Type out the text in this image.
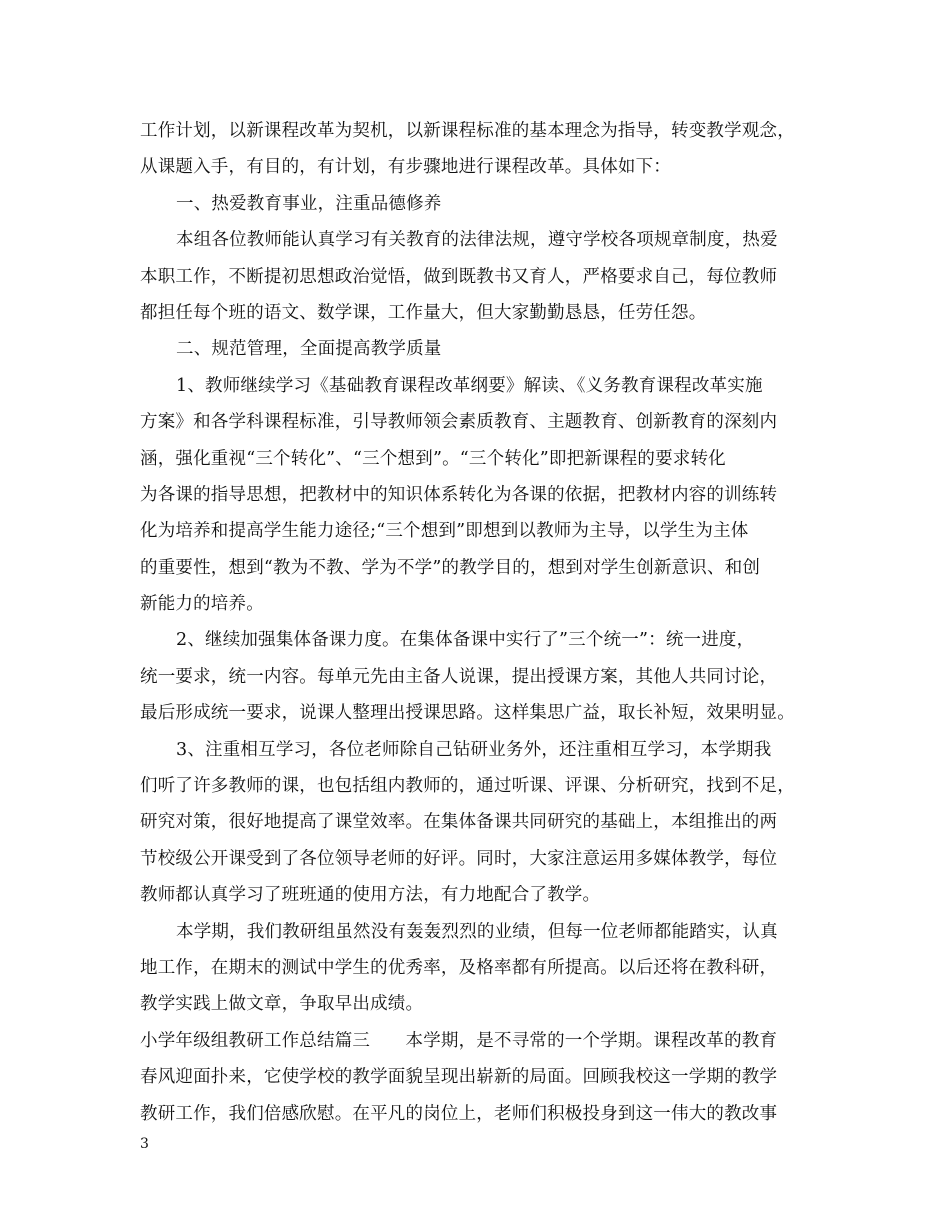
工作计划，以新课程改革为契机，以新课程标准的基本理念为指导，转变教学观念，
从课题入手，有目的，有计划，有步骤地进行课程改革。具体如下：
一、热爱教育事业，注重品德修养
本组各位教师能认真学习有关教育的法律法规，遵守学校各项规章制度，热爱
本职工作，不断提初思想政治觉悟，做到既教书又育人，严格要求自己，每位教师
都担任每个班的语文、数学课，工作量大，但大家勤勤恳恳，任劳任怨。
二、规范管理，全面提高教学质量
1、教师继续学习《基础教育课程改革纲要》解读、《义务教育课程改革实施
方案》和各学科课程标准，引导教师领会素质教育、主题教育、创新教育的深刻内
涵，强化重视“三个转化”、“三个想到”。“三个转化”即把新课程的要求转化
为各课的指导思想，把教材中的知识体系转化为各课的依据，把教材内容的训练转
化为培养和提高学生能力途径;“三个想到”即想到以教师为主导，以学生为主体
的重要性，想到“教为不教、学为不学”的教学目的，想到对学生创新意识、和创
新能力的培养。
2、继续加强集体备课力度。在集体备课中实行了”三个统一”：统一进度，
统一要求，统一内容。每单元先由主备人说课，提出授课方案，其他人共同讨论，
最后形成统一要求，说课人整理出授课思路。这样集思广益，取长补短，效果明显。
3、注重相互学习，各位老师除自己钻研业务外，还注重相互学习，本学期我
们听了许多教师的课，也包括组内教师的，通过听课、评课、分析研究，找到不足，
研究对策，很好地提高了课堂效率。在集体备课共同研究的基础上，本组推出的两
节校级公开课受到了各位领导老师的好评。同时，大家注意运用多媒体教学，每位
教师都认真学习了班班通的使用方法，有力地配合了教学。
本学期，我们教研组虽然没有轰轰烈烈的业绩，但每一位老师都能踏实，认真
地工作，在期末的测试中学生的优秀率，及格率都有所提高。以后还将在教科研，
教学实践上做文章，争取早出成绩。
小学年级组教研工作总结篇三　　本学期，是不寻常的一个学期。课程改革的教育
春风迎面扑来，它使学校的教学面貌呈现出崭新的局面。回顾我校这一学期的教学
教研工作，我们倍感欣慰。在平凡的岗位上，老师们积极投身到这一伟大的教改事
3
